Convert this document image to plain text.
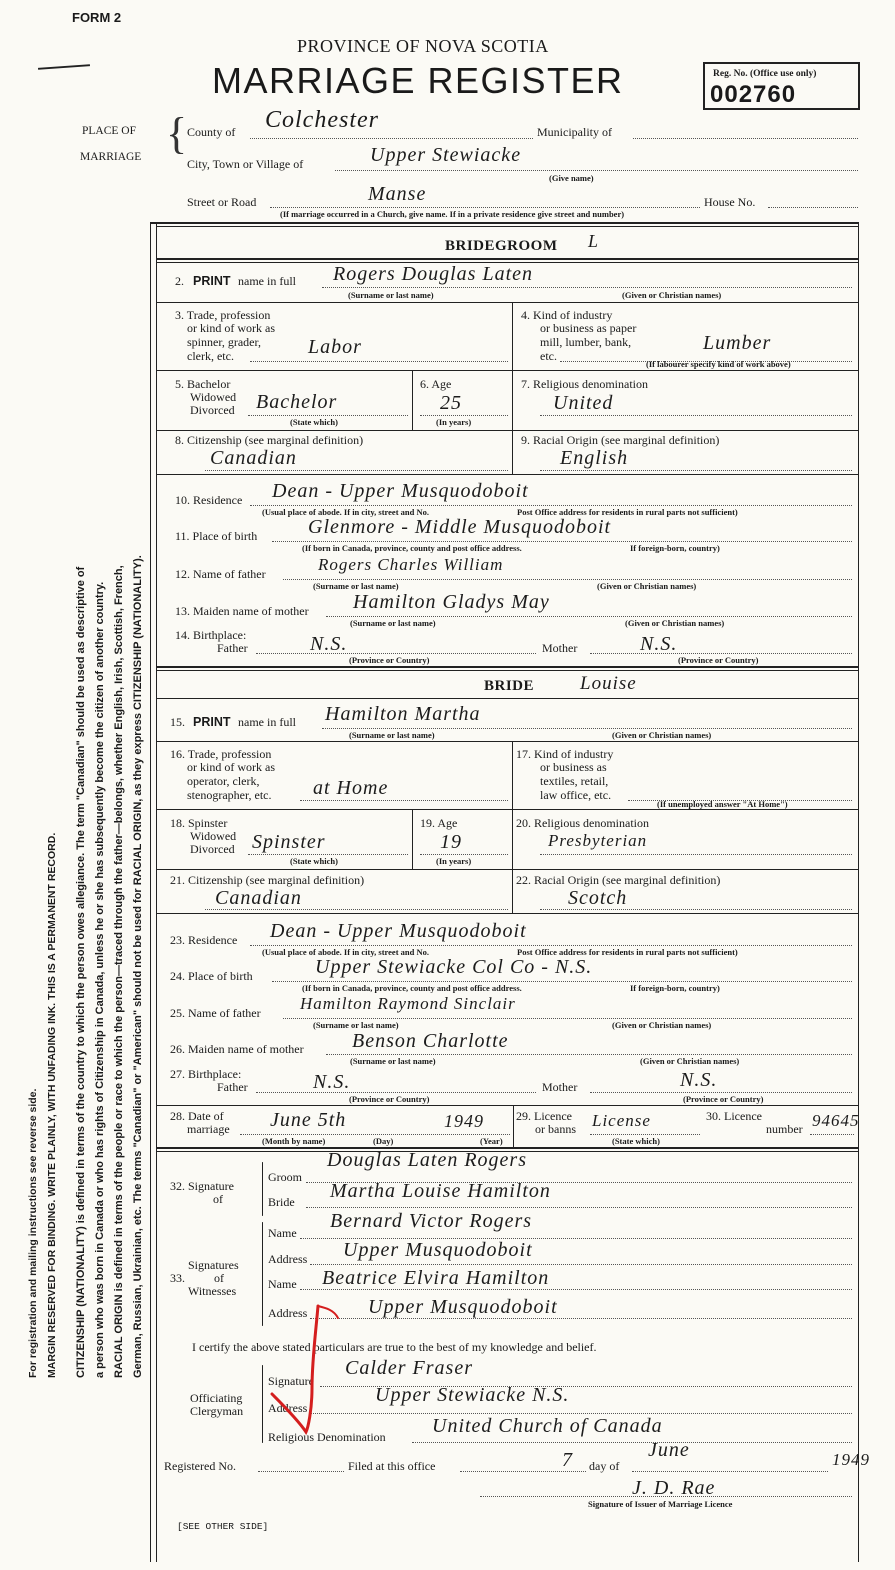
FORM 2
PROVINCE OF NOVA SCOTIA
MARRIAGE REGISTER	Reg. No. (Office use only)
002760
PLACE OF
MARRIAGE { County of Colchester	Municipality of
City, Town or Village of	Upper Stewiacke
(Give name)
Street or Road	Manse	House No.
(If marriage occurred in a Church, give name. If in a private residence give street and number)
For registration and mailing instructions see reverse side. MARGIN RESERVED FOR BINDING. WRITE PLAINLY, WITH UNFADING INK. THIS IS A PERMANENT RECORD. CITIZENSHIP (NATIONALITY) is defined in terms of the country to which the person owes allegiance. The term "Canadian" should be used as descriptive of a person who was born in Canada or who has rights of Citizenship in Canada, unless he or she has subsequently become the citizen of another country. RACIAL ORIGIN is defined in terms of the people or race to which the person—traced through the father—belongs, whether English, Irish, Scottish, French, German, Russian, Ukrainian, etc. The terms "Canadian" or "American" should not be used for RACIAL ORIGIN, as they express CITIZENSHIP (NATIONALITY).
BRIDEGROOM L
2. PRINT name in full Rogers Douglas Laten
(Surname or last name)	(Given or Christian names)
3. Trade, profession
or kind of work as
spinner, grader,
clerk, etc.	Labor
4. Kind of industry
or business as paper
mill, lumber, bank,
etc.
Lumber
(If labourer specify kind of work above)
5. Bachelor
Widowed
Divorced Bachelor
(State which)
6. Age
25
(In years)
7. Religious denomination
United
8. Citizenship (see marginal definition)
Canadian
9. Racial Origin (see marginal definition)
English
10. Residence Dean - Upper Musquodoboit
(Usual place of abode. If in city, street and No.	Post Office address for residents in rural parts not sufficient)
11. Place of birth	Glenmore - Middle Musquodoboit
(If born in Canada, province, county and post office address.	If foreign-born, country)
12. Name of father	Rogers Charles William
(Surname or last name)	(Given or Christian names)
13. Maiden name of mother Hamilton Gladys May
(Surname or last name)	(Given or Christian names)
14. Birthplace:
Father	N.S.
(Province or Country)
Mother	N.S.
(Province or Country)
BRIDE Louise
15. PRINT name in full Hamilton Martha
(Surname or last name)	(Given or Christian names)
16. Trade, profession
or kind of work as
operator, clerk,
stenographer, etc. at Home
17. Kind of industry
or business as
textiles, retail,
law office, etc.
(If unemployed answer "At Home")
18. Spinster
Widowed
Divorced Spinster
(State which)
19. Age
19
(In years)
20. Religious denomination
Presbyterian
21. Citizenship (see marginal definition)
Canadian
22. Racial Origin (see marginal definition)
Scotch
23. Residence Dean - Upper Musquodoboit
(Usual place of abode. If in city, street and No.	Post Office address for residents in rural parts not sufficient)
24. Place of birth	Upper Stewiacke Col Co - N.S.
(If born in Canada, province, county and post office address.	If foreign-born, country)
25. Name of father Hamilton Raymond Sinclair
(Surname or last name)	(Given or Christian names)
26. Maiden name of mother Benson Charlotte
(Surname or last name)	(Given or Christian names)
27. Birthplace:
Father	N.S.
(Province or Country)
Mother	N.S.
(Province or Country)
28. Date of
marriage June 5th	1949
(Month by name)	(Day)	(Year)
29. Licence
or banns License
(State which)
30. Licence
number 94645
32. Signature
of
Groom
Douglas Laten Rogers
Bride Martha Louise Hamilton
33.
Signatures
of
Witnesses
Name
Bernard Victor Rogers
Address Upper Musquodoboit
Name Beatrice Elvira Hamilton
Address	Upper Musquodoboit
I certify the above stated particulars are true to the best of my knowledge and belief.
Officiating
Clergyman
Signature
Calder Fraser
Address
Upper Stewiacke N.S.
Religious Denomination United Church of Canada
Registered No.	Filed at this office	7 day of
June	1949
J. D. Rae
Signature of Issuer of Marriage Licence
[SEE OTHER SIDE]
